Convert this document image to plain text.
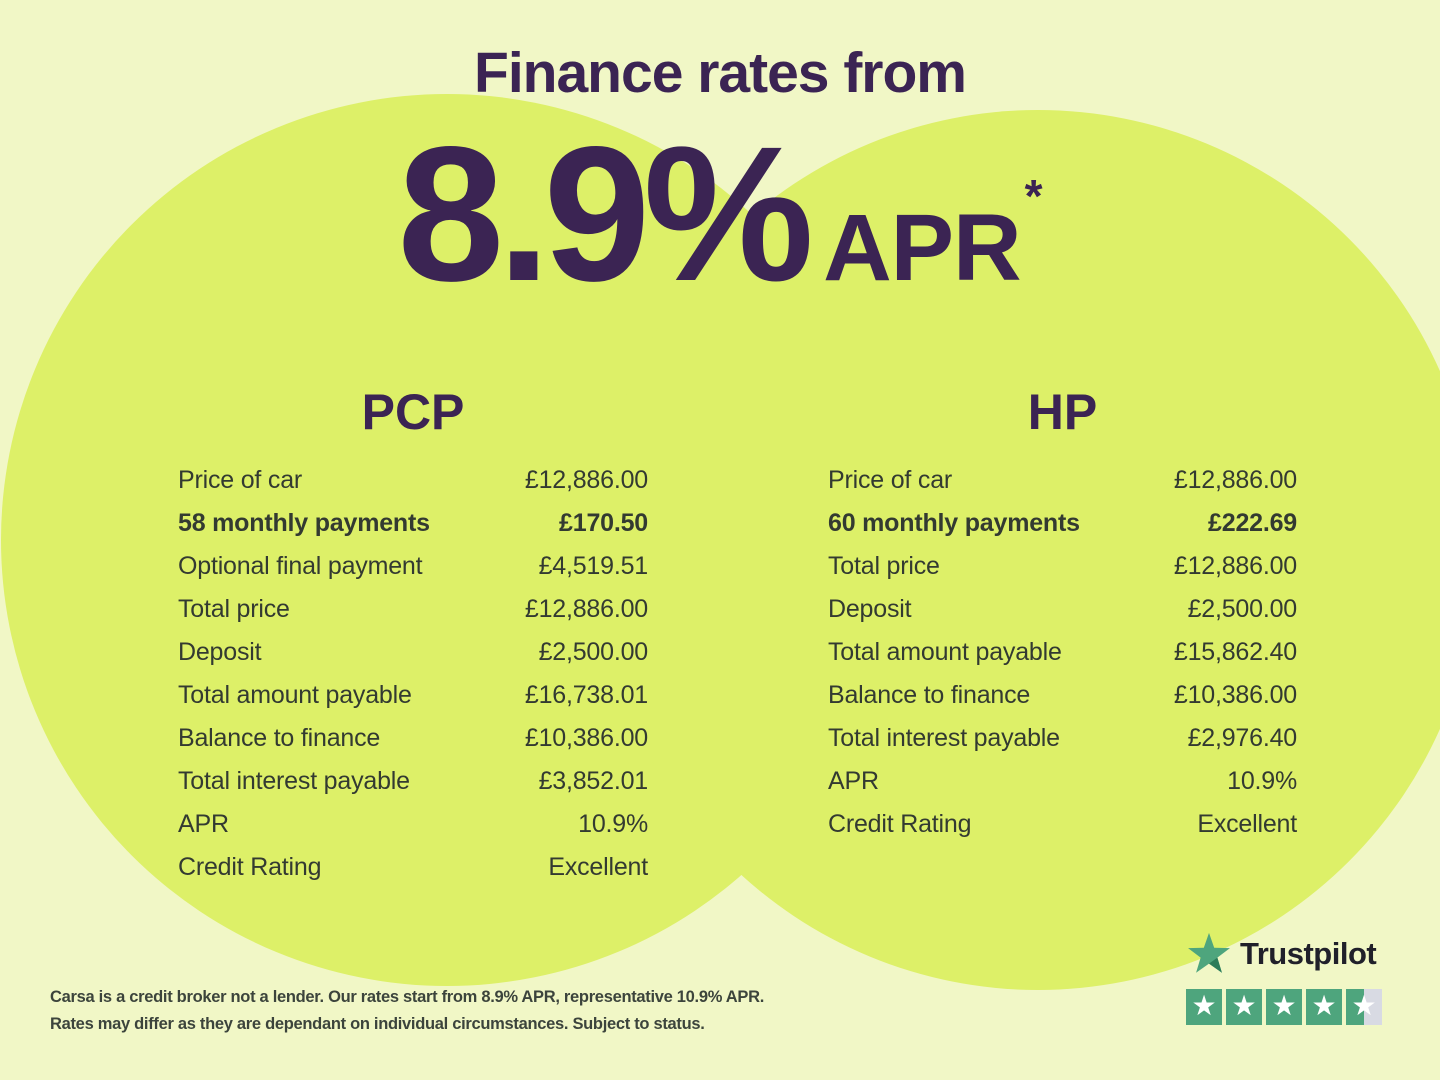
Finance rates from
8.9% APR *
PCP
Price of car	£12,886.00
58 monthly payments	£170.50
Optional final payment	£4,519.51
Total price	£12,886.00
Deposit	£2,500.00
Total amount payable	£16,738.01
Balance to finance	£10,386.00
Total interest payable	£3,852.01
APR	10.9%
Credit Rating	Excellent
HP
Price of car	£12,886.00
60 monthly payments	£222.69
Total price	£12,886.00
Deposit	£2,500.00
Total amount payable	£15,862.40
Balance to finance	£10,386.00
Total interest payable	£2,976.40
APR	10.9%
Credit Rating	Excellent
Carsa is a credit broker not a lender. Our rates start from 8.9% APR, representative 10.9% APR.
Rates may differ as they are dependant on individual circumstances. Subject to status.
Trustpilot
★ ★ ★ ★ ★
